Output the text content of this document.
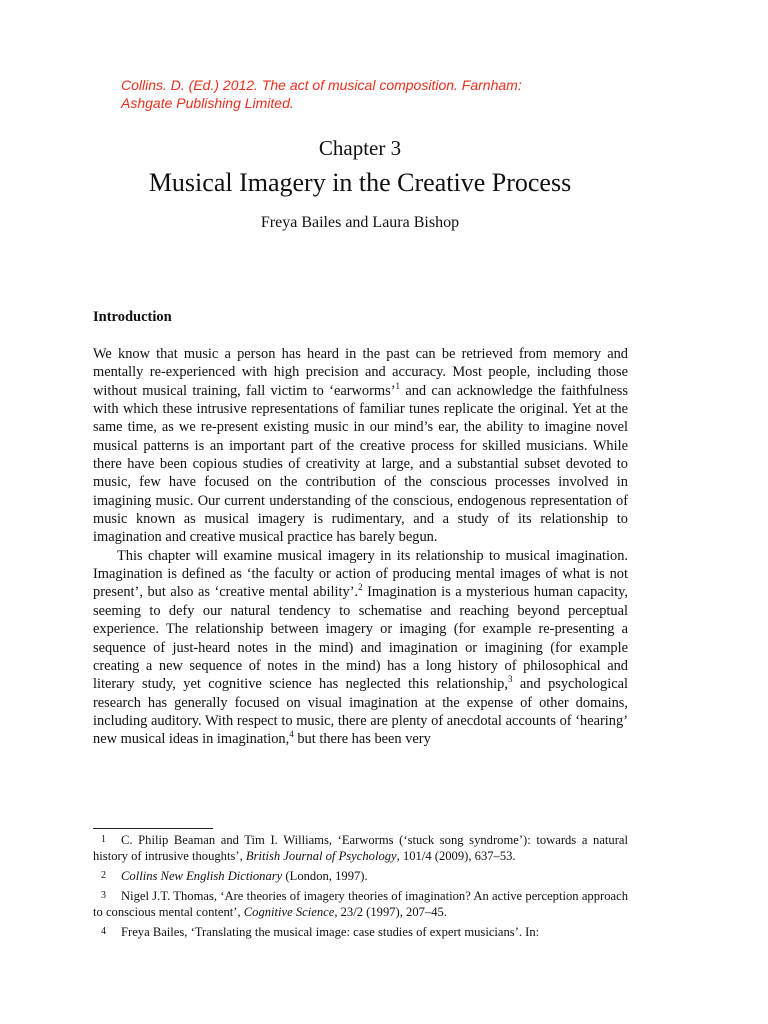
Collins. D. (Ed.) 2012. The act of musical composition. Farnham:
Ashgate Publishing Limited.
Chapter 3
Musical Imagery in the Creative Process
Freya Bailes and Laura Bishop
Introduction

We know that music a person has heard in the past can be retrieved from memory and mentally re-experienced with high precision and accuracy. Most people, including those without musical training, fall victim to ‘earworms’$^1$ and can acknowledge the faithfulness with which these intrusive representations of familiar tunes replicate the original. Yet at the same time, as we re-present existing music in our mind’s ear, the ability to imagine novel musical patterns is an important part of the creative process for skilled musicians. While there have been copious studies of creativity at large, and a substantial subset devoted to music, few have focused on the contribution of the conscious processes involved in imagining music. Our current understanding of the conscious, endogenous representation of music known as musical imagery is rudimentary, and a study of its relationship to imagination and creative musical practice has barely begun.

This chapter will examine musical imagery in its relationship to musical imagination. Imagination is defined as ‘the faculty or action of producing mental images of what is not present’, but also as ‘creative mental ability’.$^2$ Imagination is a mysterious human capacity, seeming to defy our natural tendency to schematise and reaching beyond perceptual experience. The relationship between imagery or imaging (for example re-presenting a sequence of just-heard notes in the mind) and imagination or imagining (for example creating a new sequence of notes in the mind) has a long history of philosophical and literary study, yet cognitive science has neglected this relationship,$^3$ and psychological research has generally focused on visual imagination at the expense of other domains, including auditory. With respect to music, there are plenty of anecdotal accounts of ‘hearing’ new musical ideas in imagination,$^4$ but there has been very

1 C. Philip Beaman and Tim I. Williams, ‘Earworms (‘stuck song syndrome’): towards a natural history of intrusive thoughts’, British Journal of Psychology, 101/4 (2009), 637–53.
2 Collins New English Dictionary (London, 1997).
3 Nigel J.T. Thomas, ‘Are theories of imagery theories of imagination? An active perception approach to conscious mental content’, Cognitive Science, 23/2 (1997), 207–45.
4 Freya Bailes, ‘Translating the musical image: case studies of expert musicians’. In:
